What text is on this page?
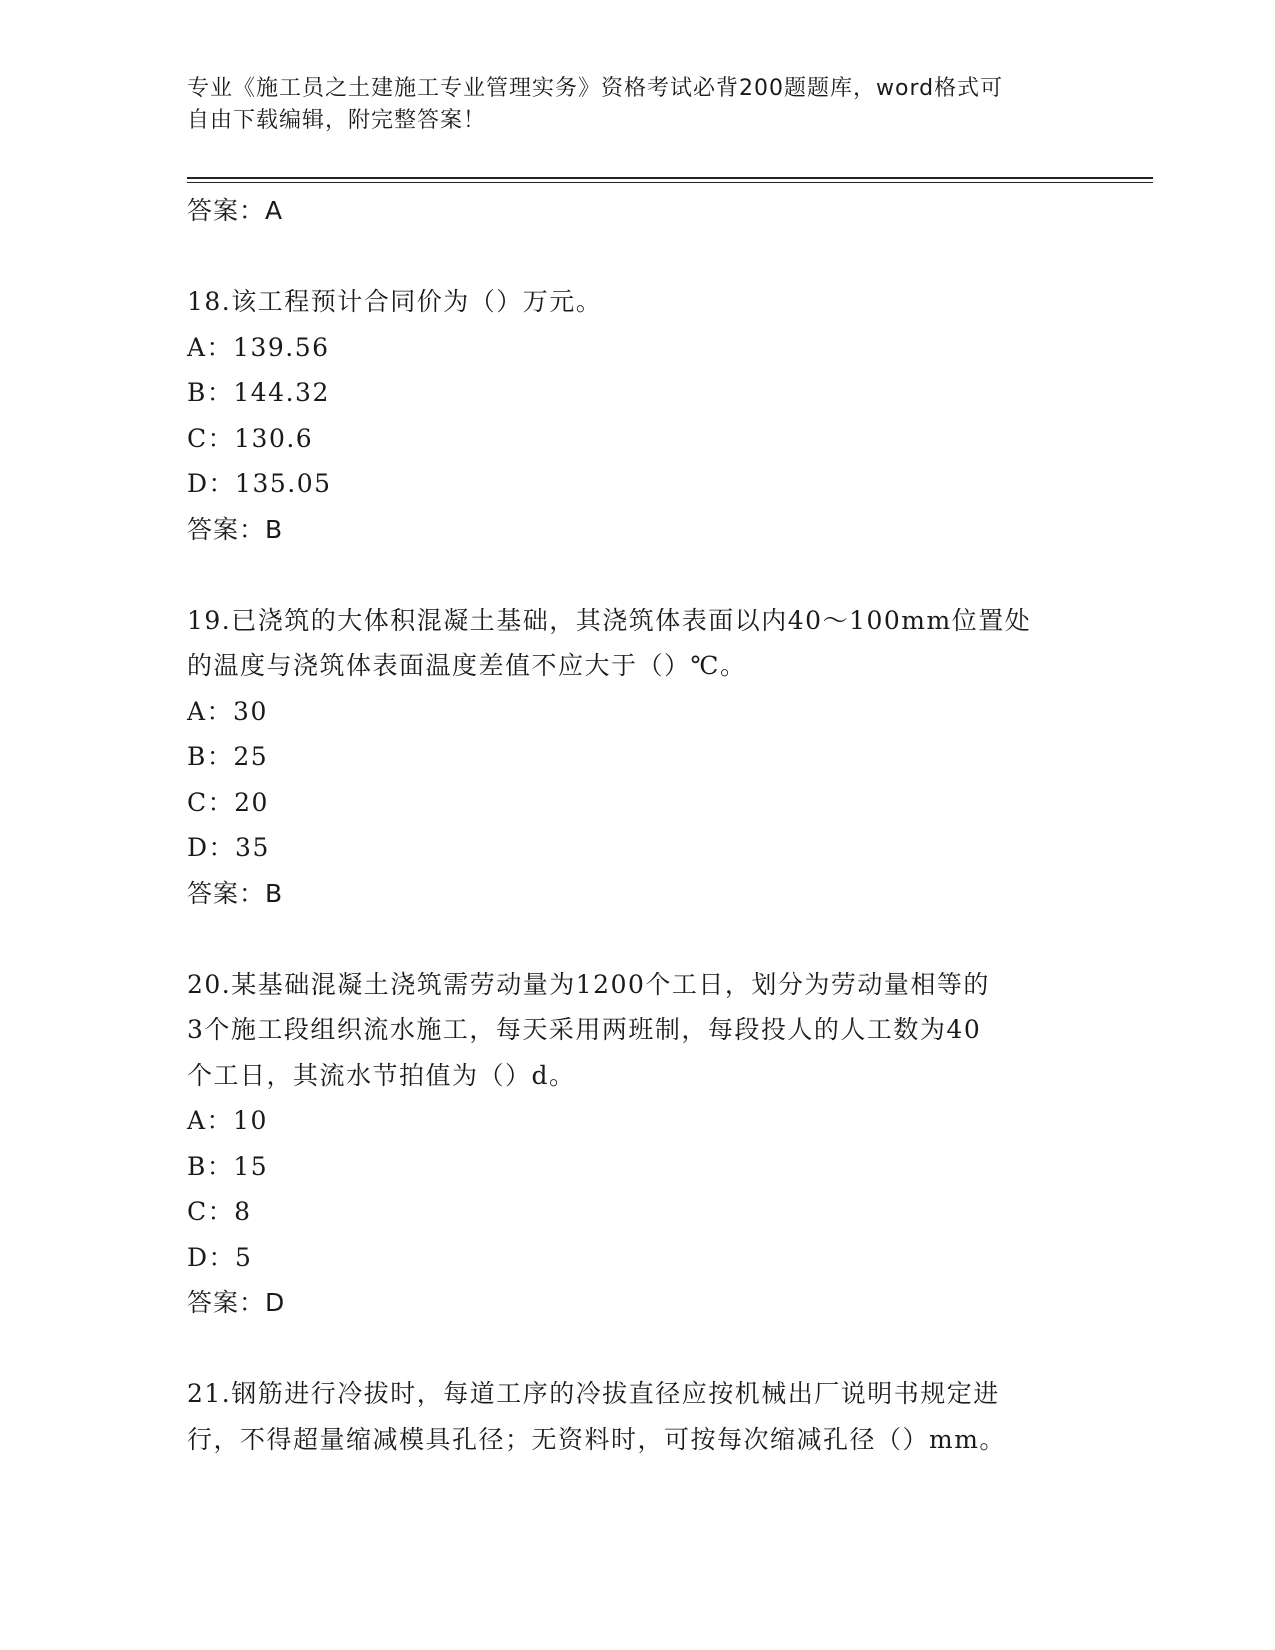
专业《施工员之土建施工专业管理实务》资格考试必背200题题库，word格式可
自由下载编辑，附完整答案！
答案：A
18.该工程预计合同价为（）万元。
A：139.56
B：144.32
C：130.6
D：135.05
答案：B
19.已浇筑的大体积混凝土基础，其浇筑体表面以内40～100mm位置处
的温度与浇筑体表面温度差值不应大于（）℃。
A：30
B：25
C：20
D：35
答案：B
20.某基础混凝土浇筑需劳动量为1200个工日，划分为劳动量相等的
3个施工段组织流水施工，每天采用两班制，每段投人的人工数为40
个工日，其流水节拍值为（）d。
A：10
B：15
C：8
D：5
答案：D
21.钢筋进行冷拔时，每道工序的冷拔直径应按机械出厂说明书规定进
行，不得超量缩减模具孔径；无资料时，可按每次缩减孔径（）mm。
